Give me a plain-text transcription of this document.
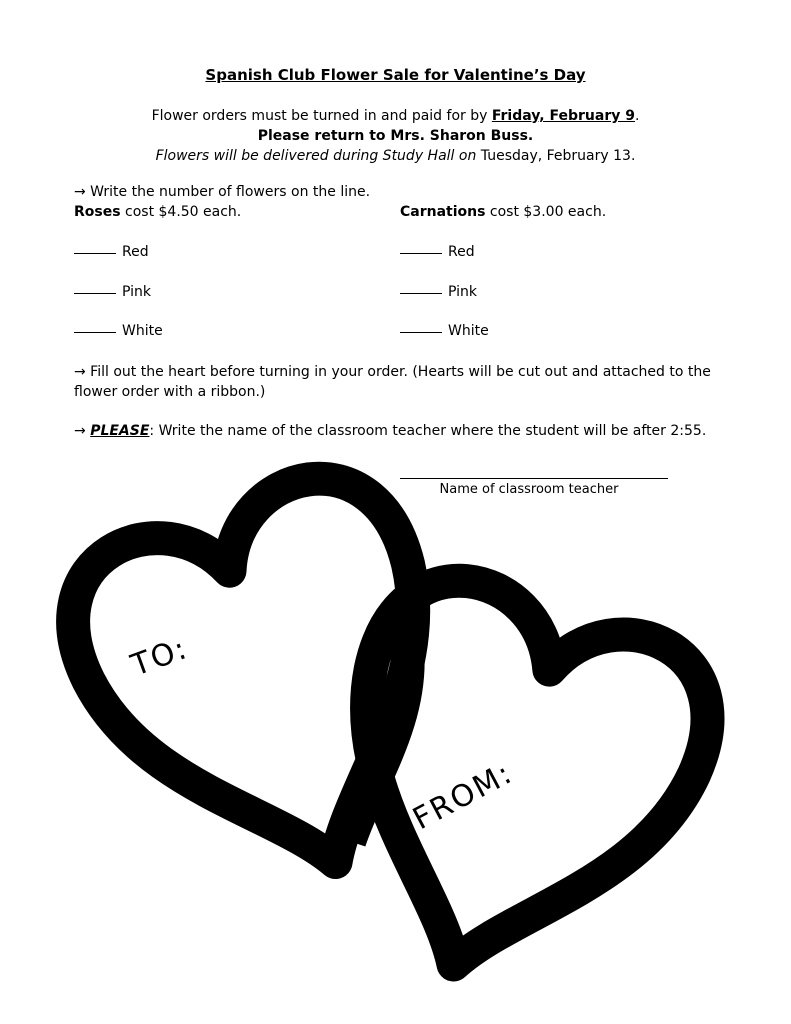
Spanish Club Flower Sale for Valentine’s Day
Flower orders must be turned in and paid for by Friday, February 9.
Please return to Mrs. Sharon Buss.
Flowers will be delivered during Study Hall on Tuesday, February 13.
→ Write the number of flowers on the line.
Roses cost $4.50 each.	Carnations cost $3.00 each.
Red
Pink
White
Red
Pink
White
→ Fill out the heart before turning in your order. (Hearts will be cut out and attached to the flower order with a ribbon.)
→ PLEASE: Write the name of the classroom teacher where the student will be after 2:55.
Name of classroom teacher
TO:
FROM:
